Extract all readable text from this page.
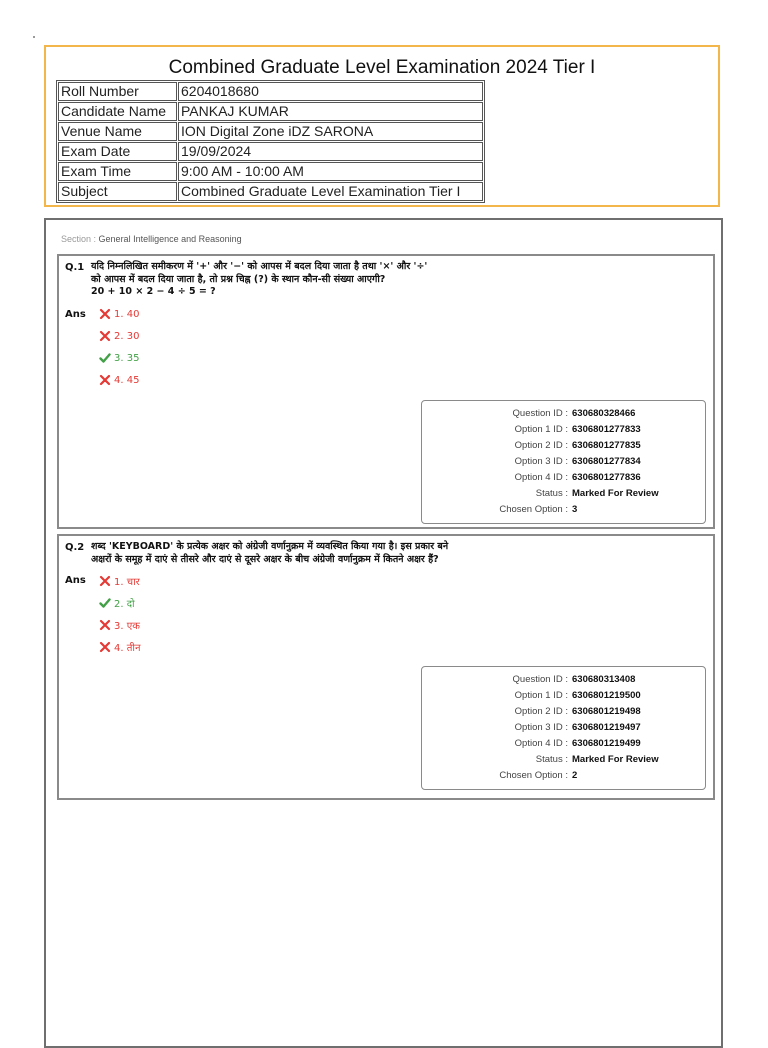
Combined Graduate Level Examination 2024 Tier I
Roll Number	6204018680
Candidate Name	PANKAJ KUMAR
Venue Name	ION Digital Zone iDZ SARONA
Exam Date	19/09/2024
Exam Time	9:00 AM - 10:00 AM
Subject	Combined Graduate Level Examination Tier I
Section : General Intelligence and Reasoning
Q.1 यदि निम्नलिखित समीकरण में '+' और '−' को आपस में बदल दिया जाता है तथा '×' और '÷'
को आपस में बदल दिया जाता है, तो प्रश्न चिह्न (?) के स्थान कौन-सी संख्या आएगी?
20 + 10 × 2 − 4 ÷ 5 = ?
Ans	1. 40
2. 30
3. 35
4. 45
Question ID : 630680328466
Option 1 ID : 6306801277833
Option 2 ID : 6306801277835
Option 3 ID : 6306801277834
Option 4 ID : 6306801277836
Status : Marked For Review
Chosen Option : 3
Q.2 शब्द 'KEYBOARD' के प्रत्येक अक्षर को अंग्रेजी वर्णानुक्रम में व्यवस्थित किया गया है। इस प्रकार बने
अक्षरों के समूह में दाएं से तीसरे और दाएं से दूसरे अक्षर के बीच अंग्रेजी वर्णानुक्रम में कितने अक्षर हैं?
Ans	1. चार
2. दो
3. एक
4. तीन
Question ID : 630680313408
Option 1 ID : 6306801219500
Option 2 ID : 6306801219498
Option 3 ID : 6306801219497
Option 4 ID : 6306801219499
Status : Marked For Review
Chosen Option : 2
